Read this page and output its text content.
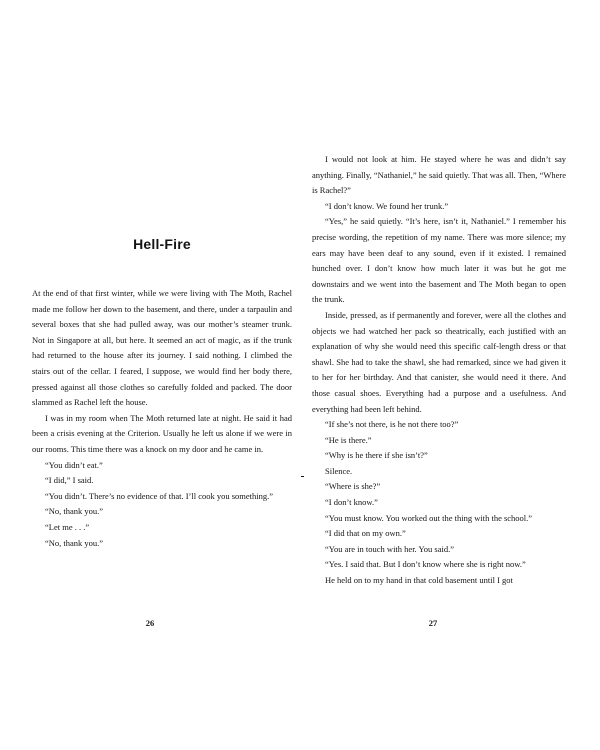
Hell-Fire

At the end of that first winter, while we were living with The Moth, Rachel made me follow her down to the basement, and there, under a tarpaulin and several boxes that she had pulled away, was our mother’s steamer trunk. Not in Singapore at all, but here. It seemed an act of magic, as if the trunk had returned to the house after its journey. I said nothing. I climbed the stairs out of the cellar. I feared, I suppose, we would find her body there, pressed against all those clothes so carefully folded and packed. The door slammed as Rachel left the house.

I was in my room when The Moth returned late at night. He said it had been a crisis evening at the Criterion. Usually he left us alone if we were in our rooms. This time there was a knock on my door and he came in.

“You didn’t eat.”

“I did,” I said.

“You didn’t. There’s no evidence of that. I’ll cook you something.”

“No, thank you.”

“Let me . . .”

“No, thank you.”

26

I would not look at him. He stayed where he was and didn’t say anything. Finally, “Nathaniel,” he said quietly. That was all. Then, “Where is Rachel?”

“I don’t know. We found her trunk.”

“Yes,” he said quietly. “It’s here, isn’t it, Nathaniel.” I remember his precise wording, the repetition of my name. There was more silence; my ears may have been deaf to any sound, even if it existed. I remained hunched over. I don’t know how much later it was but he got me downstairs and we went into the basement and The Moth began to open the trunk.

Inside, pressed, as if permanently and forever, were all the clothes and objects we had watched her pack so theatrically, each justified with an explanation of why she would need this specific calf-length dress or that shawl. She had to take the shawl, she had remarked, since we had given it to her for her birthday. And that canister, she would need it there. And those casual shoes. Everything had a purpose and a usefulness. And everything had been left behind.

“If she’s not there, is he not there too?”

“He is there.”

“Why is he there if she isn’t?”

Silence.

“Where is she?”

“I don’t know.”

“You must know. You worked out the thing with the school.”

“I did that on my own.”

“You are in touch with her. You said.”

“Yes. I said that. But I don’t know where she is right now.”

He held on to my hand in that cold basement until I got

27
